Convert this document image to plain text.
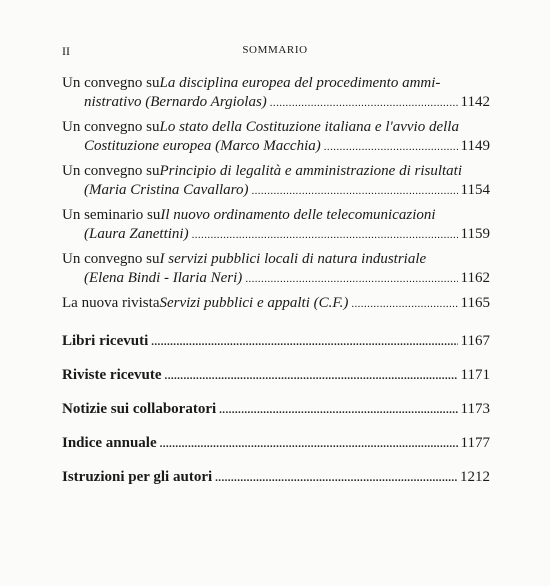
II	SOMMARIO
Un convegno su La disciplina europea del procedimento ammi-
nistrativo (Bernardo Argiolas) .....	1142
Un convegno su Lo stato della Costituzione italiana e l'avvio della
Costituzione europea (Marco Macchia) .....	1149
Un convegno su Principio di legalità e amministrazione di risultati
(Maria Cristina Cavallaro) .....	1154
Un seminario su Il nuovo ordinamento delle telecomunicazioni
(Laura Zanettini) .....	1159
Un convegno su I servizi pubblici locali di natura industriale
(Elena Bindi - Ilaria Neri) .....	1162
La nuova rivista Servizi pubblici e appalti (C.F.) .....	1165
Libri ricevuti .....	1167
Riviste ricevute .....	1171
Notizie sui collaboratori .....	1173
Indice annuale .....	1177
Istruzioni per gli autori .....	1212
